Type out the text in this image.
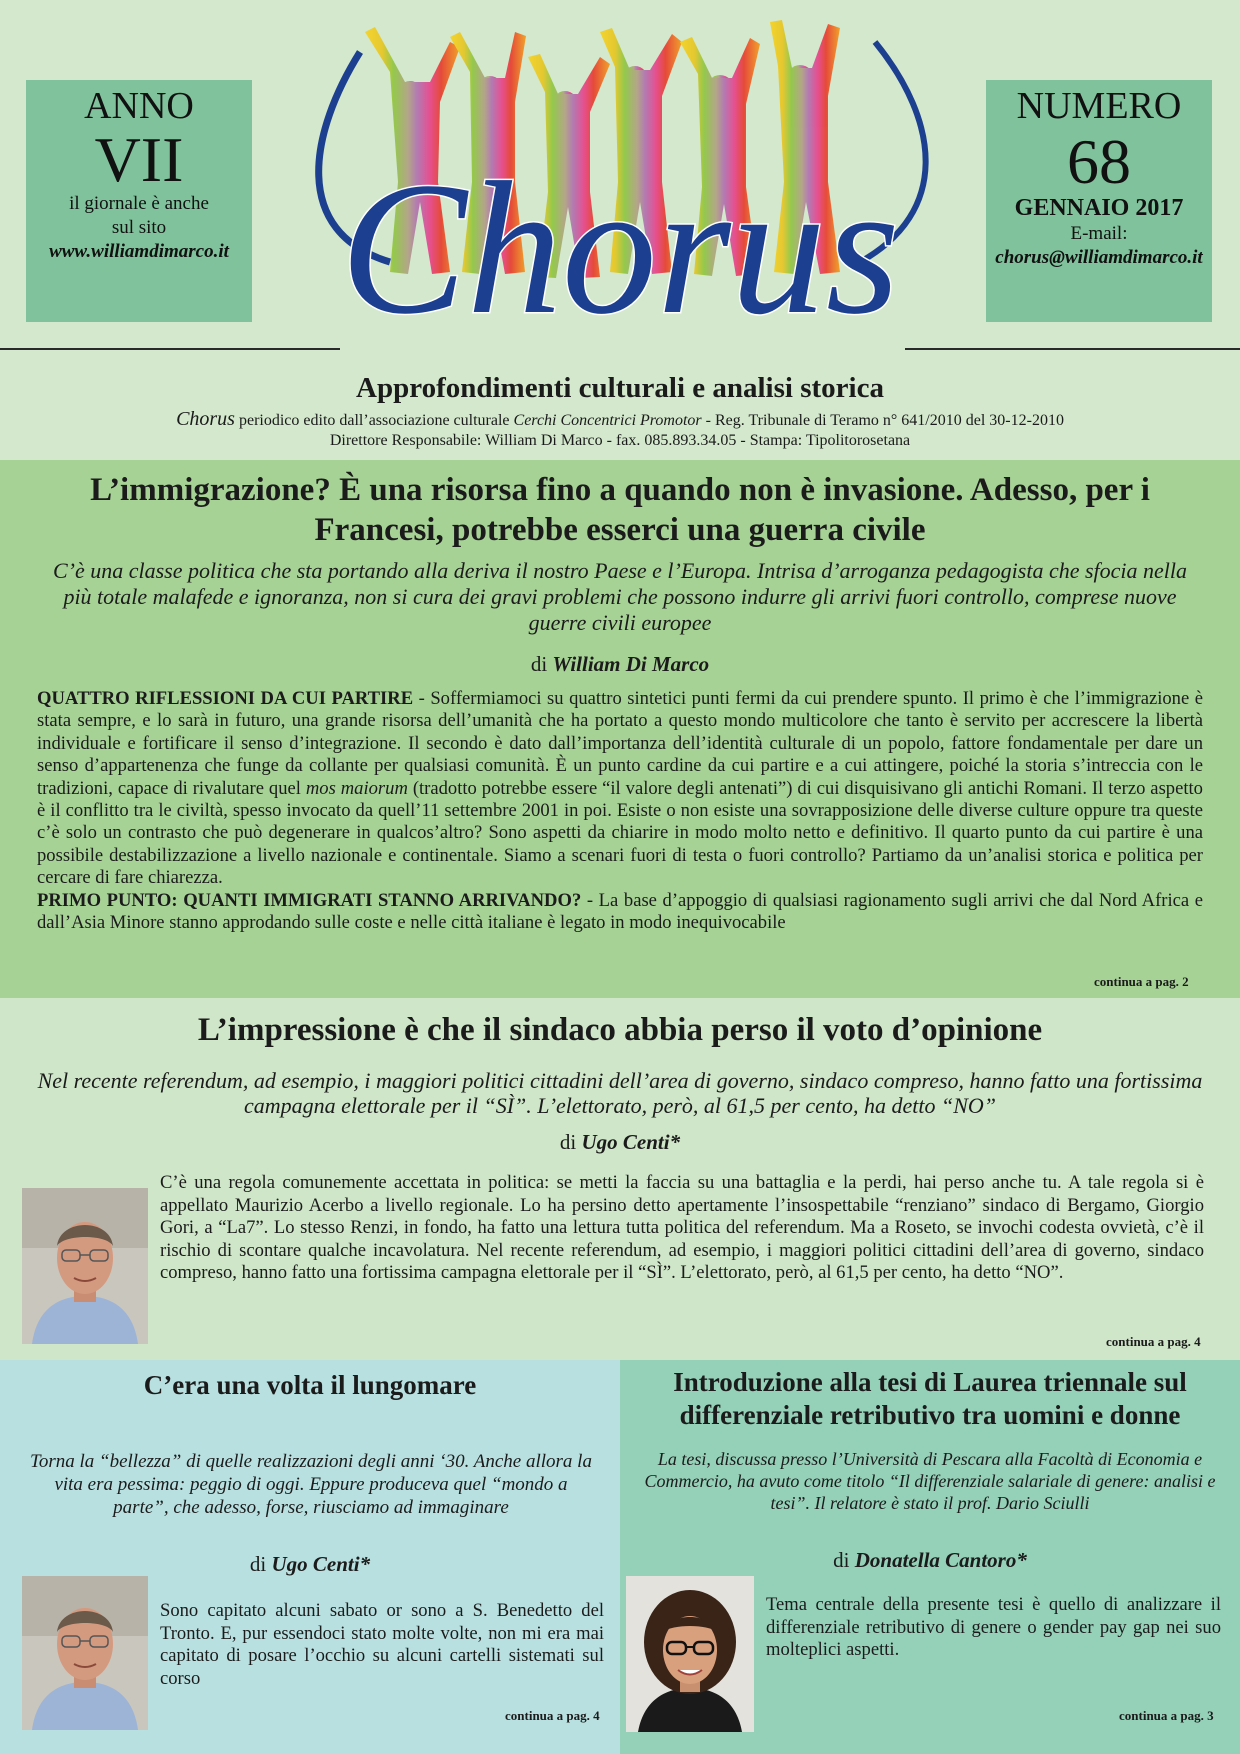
ANNO
VII
il giornale è anche
sul sito
www.williamdimarco.it
NUMERO
68
GENNAIO 2017
E-mail:
chorus@williamdimarco.it
Chorus
Approfondimenti culturali e analisi storica
Chorus periodico edito dall’associazione culturale Cerchi Concentrici Promotor - Reg. Tribunale di Teramo n° 641/2010 del 30-12-2010
Direttore Responsabile: William Di Marco - fax. 085.893.34.05 - Stampa: Tipolitorosetana
L’immigrazione? È una risorsa fino a quando non è invasione. Adesso, per i Francesi, potrebbe esserci una guerra civile
C’è una classe politica che sta portando alla deriva il nostro Paese e l’Europa. Intrisa d’arroganza pedagogista che sfocia nella più totale malafede e ignoranza, non si cura dei gravi problemi che possono indurre gli arrivi fuori controllo, comprese nuove guerre civili europee
di William Di Marco

QUATTRO RIFLESSIONI DA CUI PARTIRE - Soffermiamoci su quattro sintetici punti fermi da cui prendere spunto. Il primo è che l’immigrazione è stata sempre, e lo sarà in futuro, una grande risorsa dell’umanità che ha portato a questo mondo multicolore che tanto è servito per accrescere la libertà individuale e fortificare il senso d’integrazione. Il secondo è dato dall’importanza dell’identità culturale di un popolo, fattore fondamentale per dare un senso d’appartenenza che funge da collante per qualsiasi comunità. È un punto cardine da cui partire e a cui attingere, poiché la storia s’intreccia con le tradizioni, capace di rivalutare quel mos maiorum (tradotto potrebbe essere “il valore degli antenati”) di cui disquisivano gli antichi Romani. Il terzo aspetto è il conflitto tra le civiltà, spesso invocato da quell’11 settembre 2001 in poi. Esiste o non esiste una sovrapposizione delle diverse culture oppure tra queste c’è solo un contrasto che può degenerare in qualcos’altro? Sono aspetti da chiarire in modo molto netto e definitivo. Il quarto punto da cui partire è una possibile destabilizzazione a livello nazionale e continentale. Siamo a scenari fuori di testa o fuori controllo? Partiamo da un’analisi storica e politica per cercare di fare chiarezza.

PRIMO PUNTO: QUANTI IMMIGRATI STANNO ARRIVANDO? - La base d’appoggio di qualsiasi ragionamento sugli arrivi che dal Nord Africa e dall’Asia Minore stanno approdando sulle coste e nelle città italiane è legato in modo inequivocabile

continua a pag. 2
L’impressione è che il sindaco abbia perso il voto d’opinione
Nel recente referendum, ad esempio, i maggiori politici cittadini dell’area di governo, sindaco compreso, hanno fatto una fortissima campagna elettorale per il “SÌ”. L’elettorato, però, al 61,5 per cento, ha detto “NO”
di Ugo Centi*
C’è una regola comunemente accettata in politica: se metti la faccia su una battaglia e la perdi, hai perso anche tu. A tale regola si è appellato Maurizio Acerbo a livello regionale. Lo ha persino detto apertamente l’insospettabile “renziano” sindaco di Bergamo, Giorgio Gori, a “La7”. Lo stesso Renzi, in fondo, ha fatto una lettura tutta politica del referendum. Ma a Roseto, se invochi codesta ovvietà, c’è il rischio di scontare qualche incavolatura. Nel recente referendum, ad esempio, i maggiori politici cittadini dell’area di governo, sindaco compreso, hanno fatto una fortissima campagna elettorale per il “SÌ”. L’elettorato, però, al 61,5 per cento, ha detto “NO”.
continua a pag. 4
C’era una volta il lungomare
Torna la “bellezza” di quelle realizzazioni degli anni ‘30. Anche allora la vita era pessima: peggio di oggi. Eppure produceva quel “mondo a parte”, che adesso, forse, riusciamo ad immaginare
di Ugo Centi*
Sono capitato alcuni sabato or sono a S. Benedetto del Tronto. E, pur essendoci stato molte volte, non mi era mai capitato di posare l’occhio su alcuni cartelli sistemati sul corso
continua a pag. 4
Introduzione alla tesi di Laurea triennale sul differenziale retributivo tra uomini e donne
La tesi, discussa presso l’Università di Pescara alla Facoltà di Economia e Commercio, ha avuto come titolo “Il differenziale salariale di genere: analisi e tesi”. Il relatore è stato il prof. Dario Sciulli
di Donatella Cantoro*
Tema centrale della presente tesi è quello di analizzare il differenziale retributivo di genere o gender pay gap nei suo molteplici aspetti.
continua a pag. 3
